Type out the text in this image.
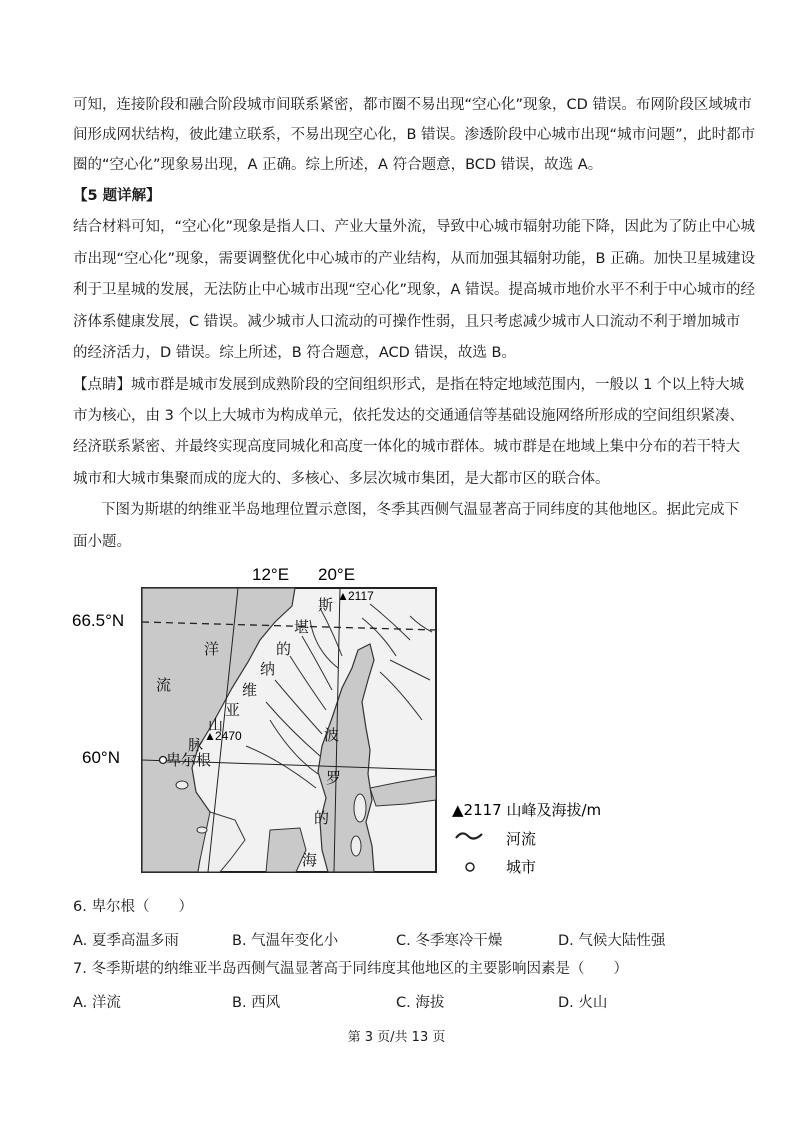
可知，连接阶段和融合阶段城市间联系紧密，都市圈不易出现“空心化”现象，CD 错误。布网阶段区域城市
间形成网状结构，彼此建立联系，不易出现空心化，B 错误。渗透阶段中心城市出现“城市问题”，此时都市
圈的“空心化”现象易出现，A 正确。综上所述，A 符合题意，BCD 错误，故选 A。
【5 题详解】
结合材料可知，“空心化”现象是指人口、产业大量外流，导致中心城市辐射功能下降，因此为了防止中心城
市出现“空心化”现象，需要调整优化中心城市的产业结构，从而加强其辐射功能，B 正确。加快卫星城建设
利于卫星城的发展，无法防止中心城市出现“空心化”现象，A 错误。提高城市地价水平不利于中心城市的经
济体系健康发展，C 错误。减少城市人口流动的可操作性弱，且只考虑减少城市人口流动不利于增加城市
的经济活力，D 错误。综上所述，B 符合题意，ACD 错误，故选 B。
【点睛】城市群是城市发展到成熟阶段的空间组织形式，是指在特定地域范围内，一般以 1 个以上特大城
市为核心，由 3 个以上大城市为构成单元，依托发达的交通通信等基础设施网络所形成的空间组织紧凑、
经济联系紧密、并最终实现高度同城化和高度一体化的城市群体。城市群是在地域上集中分布的若干特大
城市和大城市集聚而成的庞大的、多核心、多层次城市集团，是大都市区的联合体。
下图为斯堪的纳维亚半岛地理位置示意图，冬季其西侧气温显著高于同纬度的其他地区。据此完成下
面小题。
12°E 20°E
66.5°N
60°N
▲ 2117
▲ 2470
洋
流
斯
堪
的
纳
维
亚
山
脉
波
罗
的
海
卑尔根
▲2117 山峰及海拔/m
河流
城市
6. 卑尔根（　　）
A. 夏季高温多雨	B. 气温年变化小	C. 冬季寒冷干燥	D. 气候大陆性强
7. 冬季斯堪的纳维亚半岛西侧气温显著高于同纬度其他地区的主要影响因素是（　　）
A. 洋流	B. 西风	C. 海拔	D. 火山
第 3 页/共 13 页
